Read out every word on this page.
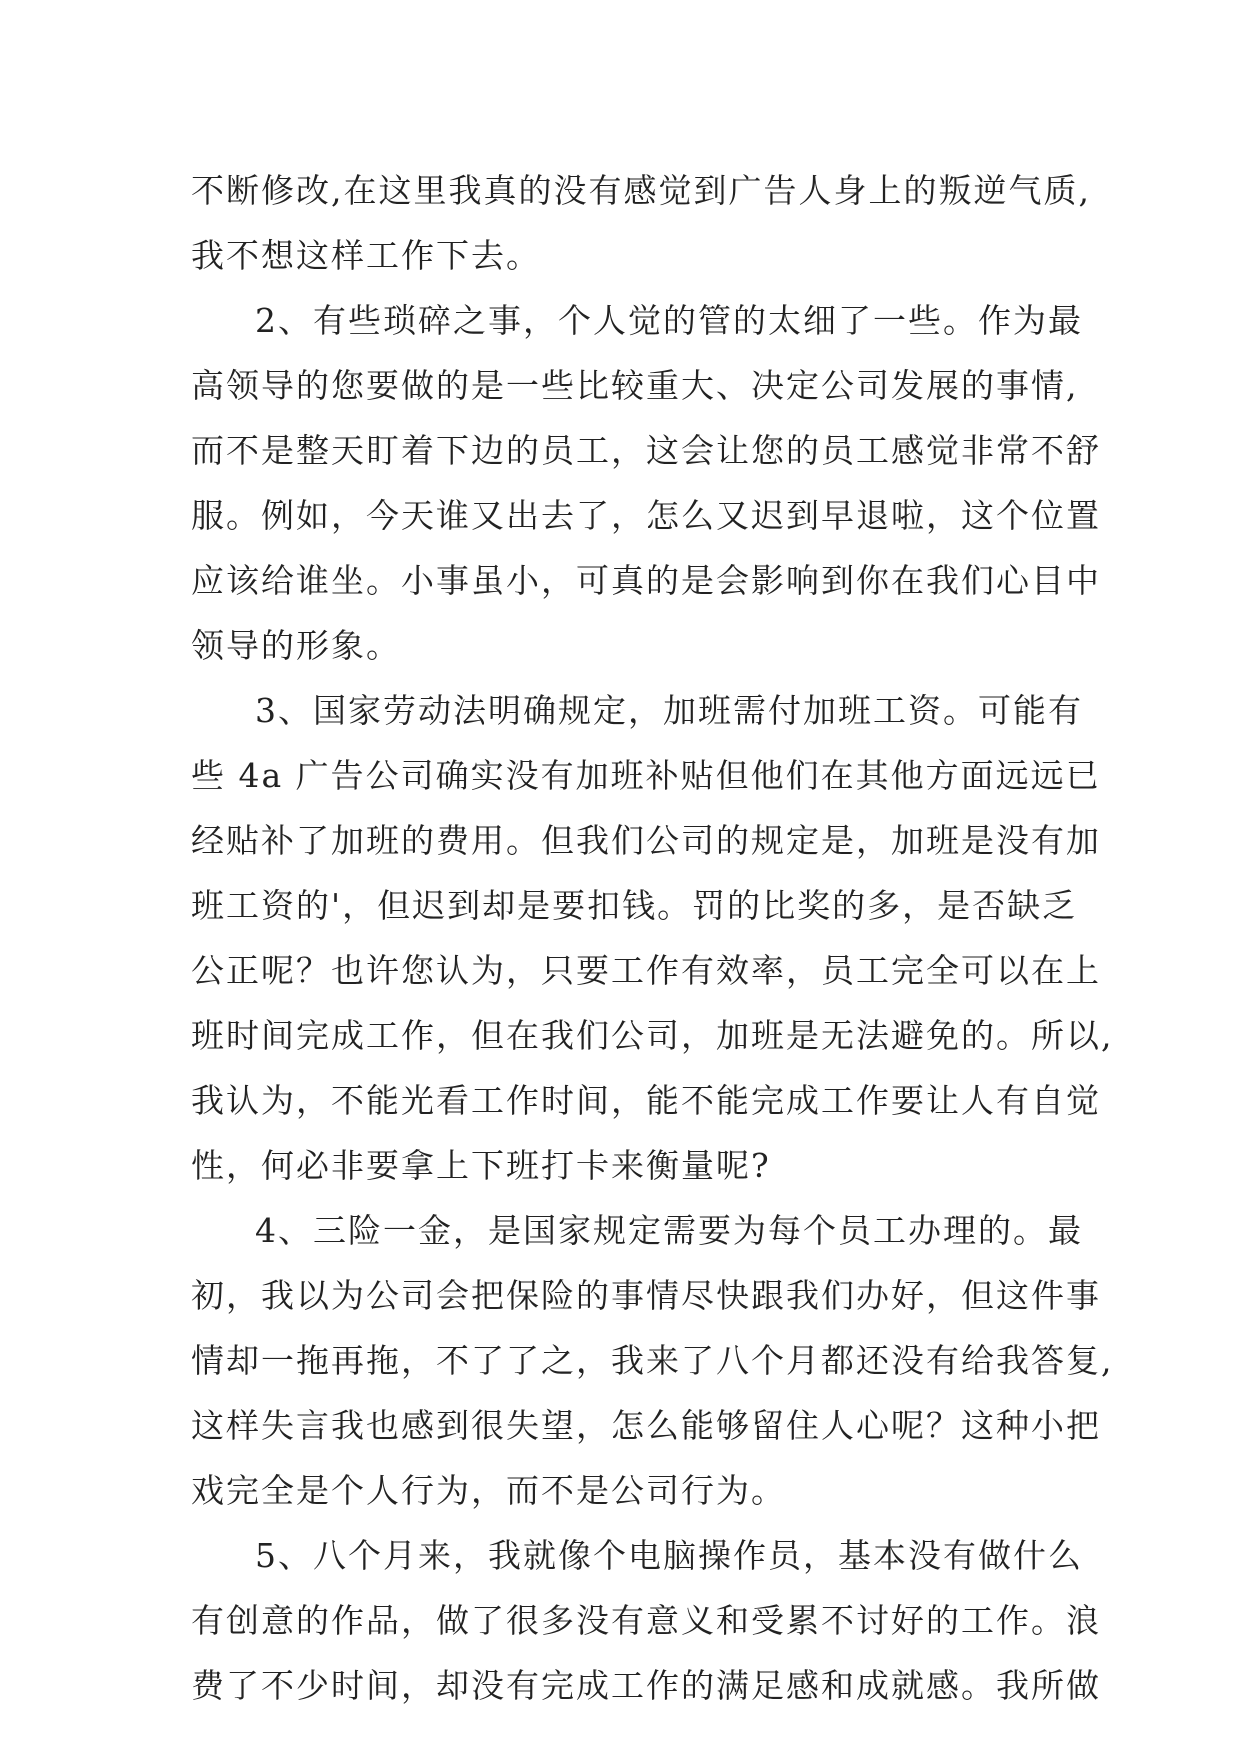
不断修改,在这里我真的没有感觉到广告人身上的叛逆气质,
我不想这样工作下去。
2、有些琐碎之事，个人觉的管的太细了一些。作为最
高领导的您要做的是一些比较重大、决定公司发展的事情,
而不是整天盯着下边的员工，这会让您的员工感觉非常不舒
服。例如，今天谁又出去了，怎么又迟到早退啦，这个位置
应该给谁坐。小事虽小，可真的是会影响到你在我们心目中
领导的形象。
3、国家劳动法明确规定，加班需付加班工资。可能有
些 4a 广告公司确实没有加班补贴但他们在其他方面远远已
经贴补了加班的费用。但我们公司的规定是，加班是没有加
班工资的'，但迟到却是要扣钱。罚的比奖的多，是否缺乏
公正呢？也许您认为，只要工作有效率，员工完全可以在上
班时间完成工作，但在我们公司，加班是无法避免的。所以,
我认为，不能光看工作时间，能不能完成工作要让人有自觉
性，何必非要拿上下班打卡来衡量呢?
4、三险一金，是国家规定需要为每个员工办理的。最
初，我以为公司会把保险的事情尽快跟我们办好，但这件事
情却一拖再拖，不了了之，我来了八个月都还没有给我答复,
这样失言我也感到很失望，怎么能够留住人心呢？这种小把
戏完全是个人行为，而不是公司行为。
5、八个月来，我就像个电脑操作员，基本没有做什么
有创意的作品，做了很多没有意义和受累不讨好的工作。浪
费了不少时间，却没有完成工作的满足感和成就感。我所做
